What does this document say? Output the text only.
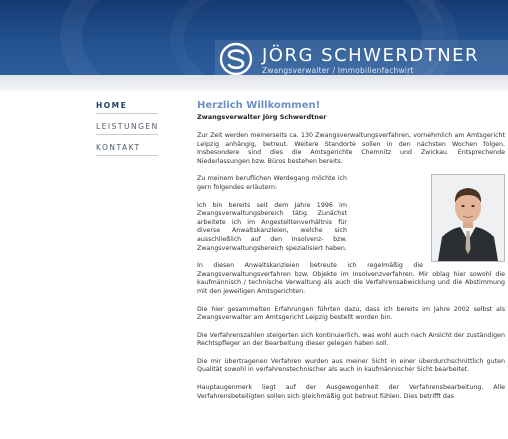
JÖRG SCHWERDTNER
Zwangsverwalter / Immobilienfachwirt
HOME
LEISTUNGEN
KONTAKT
Herzlich Willkommen!
Zwangsverwalter Jörg Schwerdtner

Zur Zeit werden meinerseits ca. 130 Zwangsverwaltungsverfahren, vornehmlich am Amtsgericht Leipzig anhängig, betreut. Weitere Standorte sollen in den nächsten Wochen folgen. Insbesondere sind dies die Amtsgerichte Chemnitz und Zwickau. Entsprechende Niederlassungen bzw. Büros bestehen bereits.

Zu meinem beruflichen Werdegang möchte ich gern folgendes erläutern:

Ich bin bereits seit dem Jahre 1996 im Zwangsverwaltungsbereich tätig. Zunächst arbeitete ich im Angestelltenverhältnis für diverse Anwaltskanzleien, welche sich ausschließlich auf den Insolvenz- bzw. Zwangsverwaltungsbereich spezialisiert haben.

In diesen Anwaltskanzleien betreute ich regelmäßig die Zwangsverwaltungsverfahren bzw. Objekte im Insolvenzverfahren. Mir oblag hier sowohl die kaufmännisch / technische Verwaltung als auch die Verfahrensabwicklung und die Abstimmung mit den jeweiligen Amtsgerichten.

Die hier gesammelten Erfahrungen führten dazu, dass ich bereits im Jahre 2002 selbst als Zwangsverwalter am Amtsgericht Leipzig bestellt worden bin.

Die Verfahrenszahlen steigerten sich kontinuierlich, was wohl auch nach Ansicht der zuständigen Rechtspfleger an der Bearbeitung dieser gelegen haben soll.

Die mir übertragenen Verfahren wurden aus meiner Sicht in einer überdurchschnittlich guten Qualität sowohl in verfahrenstechnischer als auch in kaufmännischer Sicht bearbeitet.

Hauptaugenmerk liegt auf der Ausgewogenheit der Verfahrensbearbeitung. Alle Verfahrensbeteiligten sollen sich gleichmäßig gut betreut fühlen. Dies betrifft das
